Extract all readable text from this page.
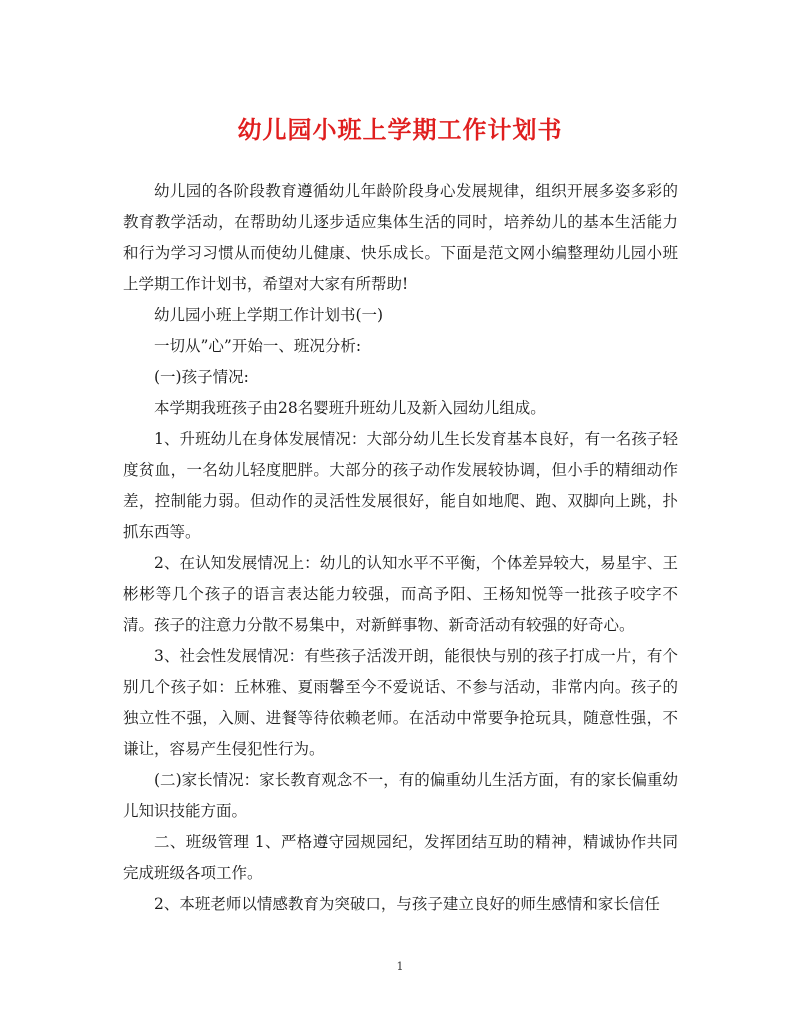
幼儿园小班上学期工作计划书

幼儿园的各阶段教育遵循幼儿年龄阶段身心发展规律，组织开展多姿多彩的教育教学活动，在帮助幼儿逐步适应集体生活的同时，培养幼儿的基本生活能力和行为学习习惯从而使幼儿健康、快乐成长。下面是范文网小编整理幼儿园小班上学期工作计划书，希望对大家有所帮助!

幼儿园小班上学期工作计划书(一)

一切从”心”开始一、班况分析:

(一)孩子情况:

本学期我班孩子由28名婴班升班幼儿及新入园幼儿组成。

1、升班幼儿在身体发展情况：大部分幼儿生长发育基本良好，有一名孩子轻度贫血，一名幼儿轻度肥胖。大部分的孩子动作发展较协调，但小手的精细动作差，控制能力弱。但动作的灵活性发展很好，能自如地爬、跑、双脚向上跳，扑抓东西等。

2、在认知发展情况上：幼儿的认知水平不平衡，个体差异较大，易星宇、王彬彬等几个孩子的语言表达能力较强，而高予阳、王杨知悦等一批孩子咬字不清。孩子的注意力分散不易集中，对新鲜事物、新奇活动有较强的好奇心。

3、社会性发展情况：有些孩子活泼开朗，能很快与别的孩子打成一片，有个别几个孩子如：丘林雅、夏雨馨至今不爱说话、不参与活动，非常内向。孩子的独立性不强，入厕、进餐等待依赖老师。在活动中常要争抢玩具，随意性强，不谦让，容易产生侵犯性行为。

(二)家长情况：家长教育观念不一，有的偏重幼儿生活方面，有的家长偏重幼儿知识技能方面。

二、班级管理 1、严格遵守园规园纪，发挥团结互助的精神，精诚协作共同完成班级各项工作。

2、本班老师以情感教育为突破口，与孩子建立良好的师生感情和家长信任

1
